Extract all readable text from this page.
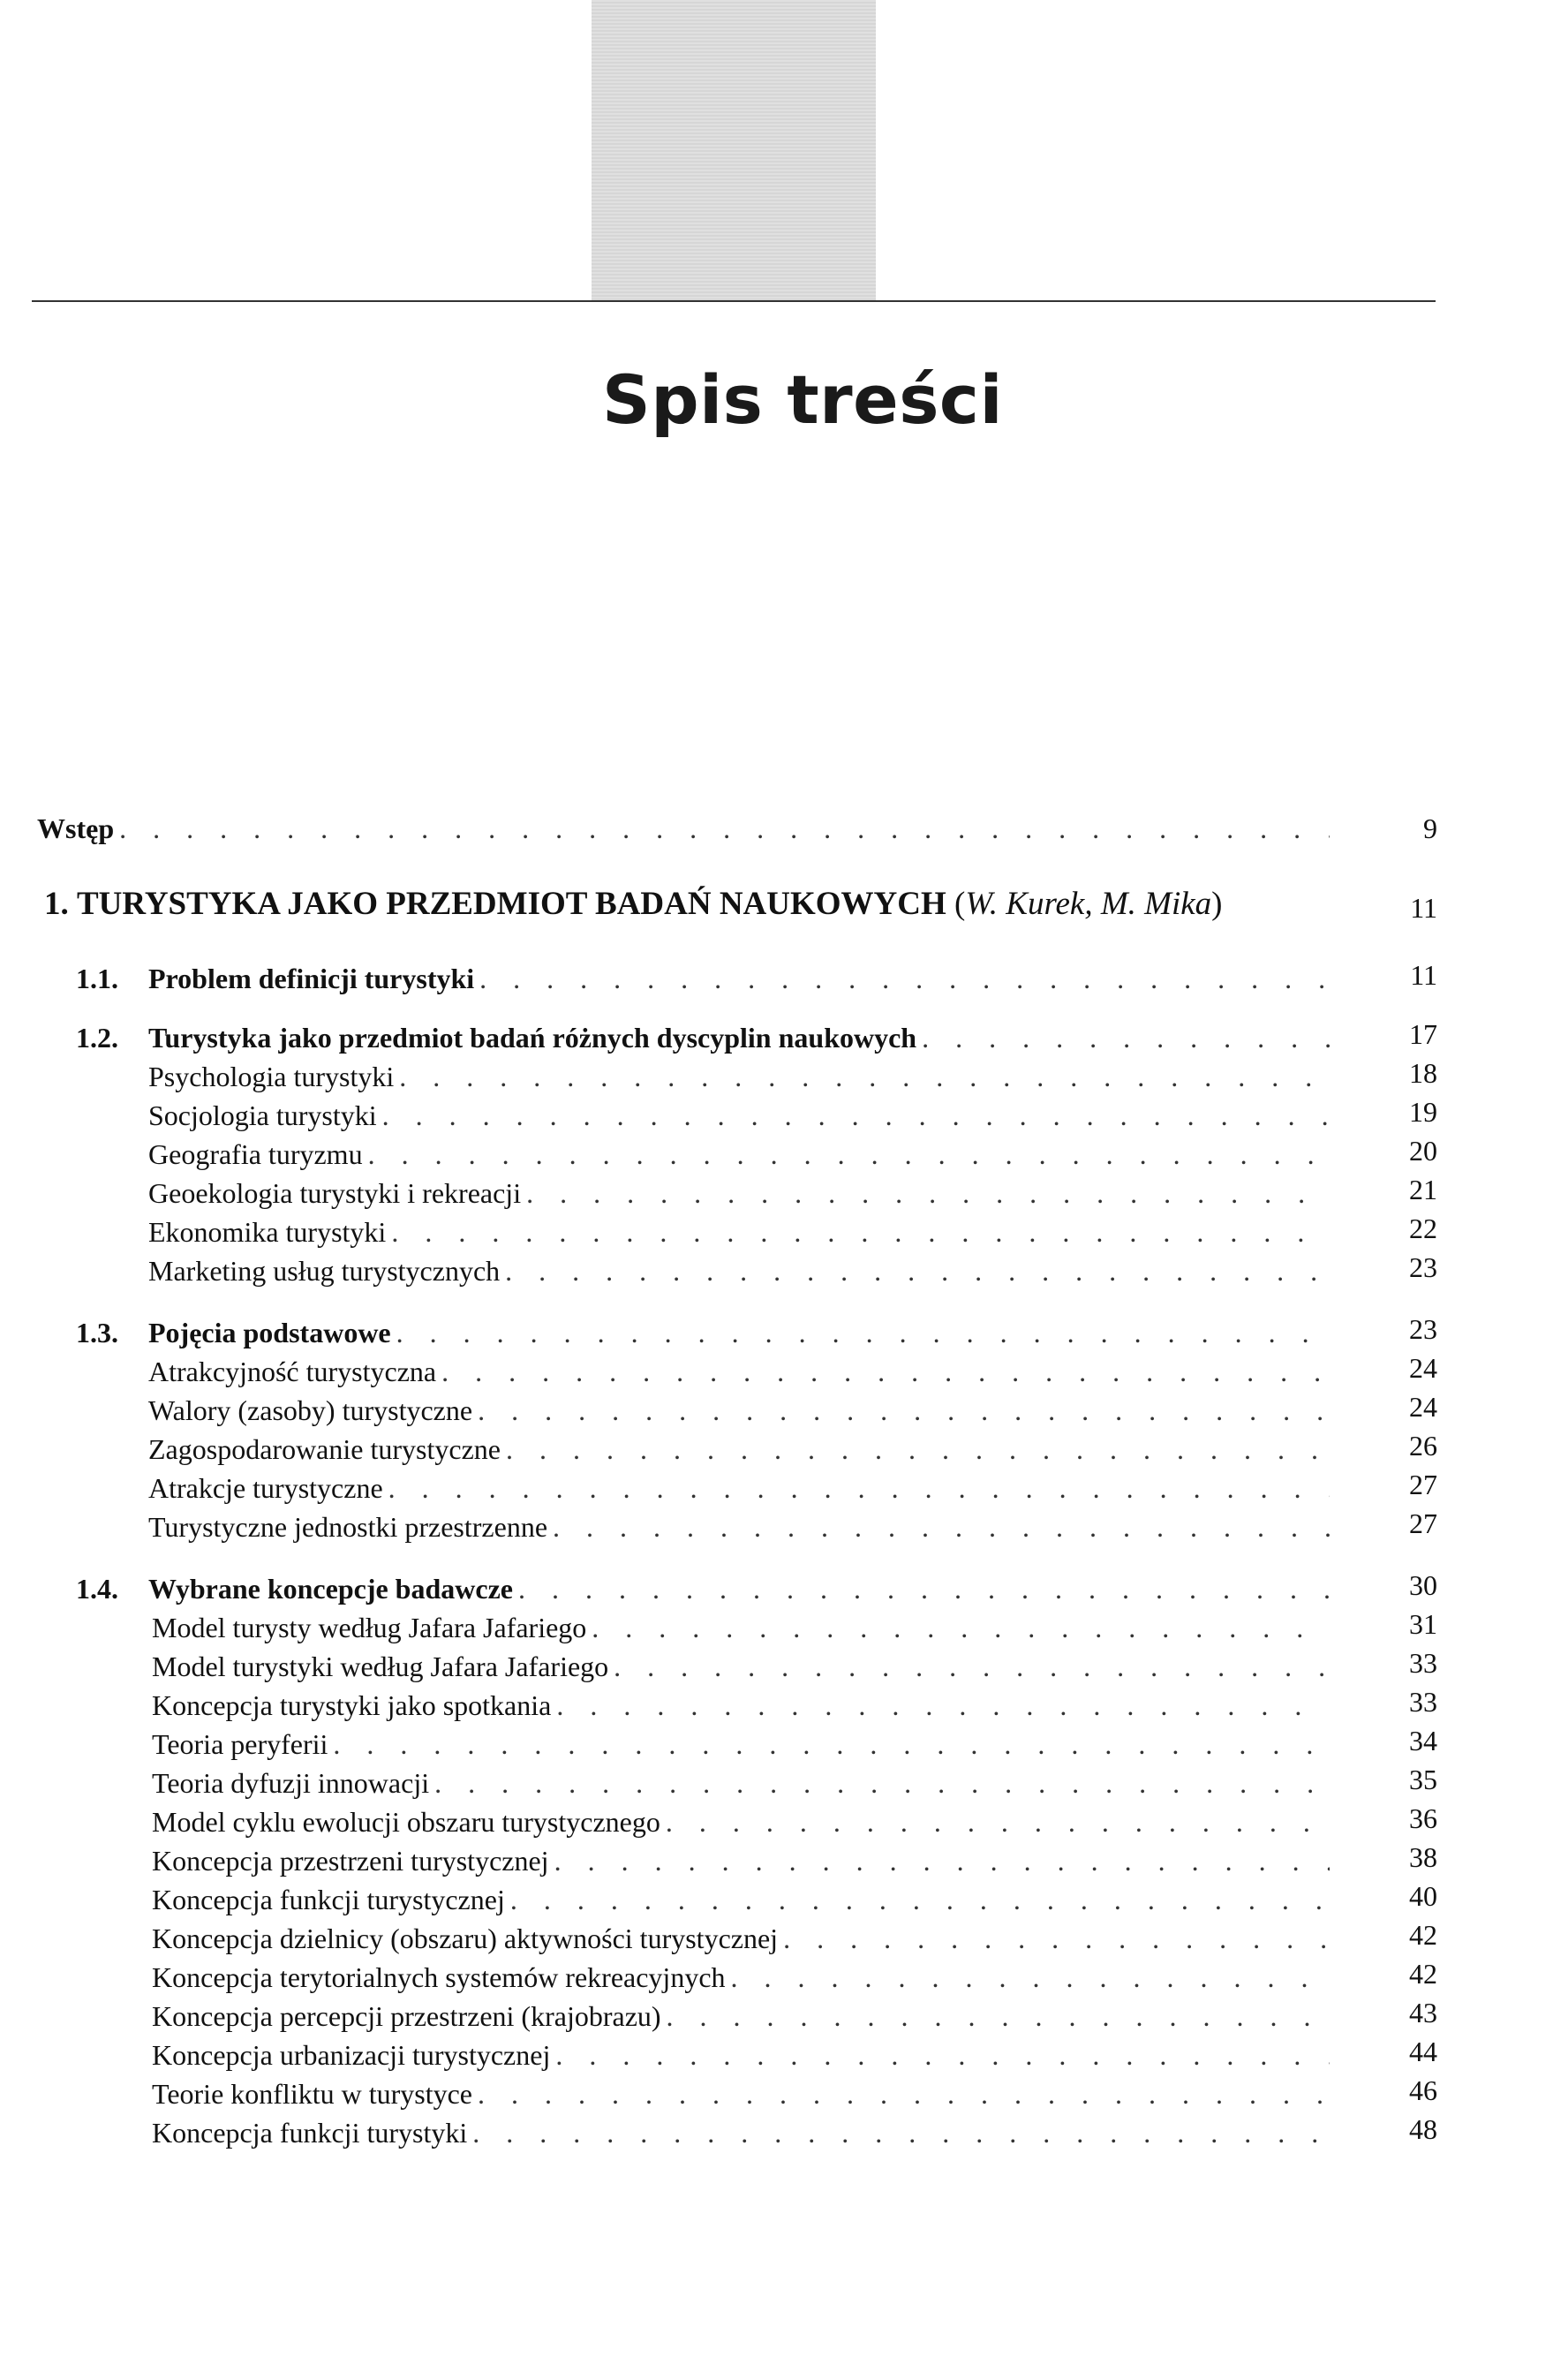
Spis treści
Wstęp . . .	9
1. TURYSTYKA JAKO PRZEDMIOT BADAŃ NAUKOWYCH (W. Kurek, M. Mika)	11
1.1.	Problem definicji turystyki . . .	11
1.2.	Turystyka jako przedmiot badań różnych dyscyplin naukowych . . .	17
Psychologia turystyki . . .	18
Socjologia turystyki . . .	19
Geografia turyzmu . . .	20
Geoekologia turystyki i rekreacji . . .	21
Ekonomika turystyki . . .	22
Marketing usług turystycznych . . .	23
1.3.	Pojęcia podstawowe . . .	23
Atrakcyjność turystyczna . . .	24
Walory (zasoby) turystyczne . . .	24
Zagospodarowanie turystyczne . . .	26
Atrakcje turystyczne . . .	27
Turystyczne jednostki przestrzenne . . .	27
1.4.	Wybrane koncepcje badawcze . . .	30
Model turysty według Jafara Jafariego . . .	31
Model turystyki według Jafara Jafariego . . .	33
Koncepcja turystyki jako spotkania . . .	33
Teoria peryferii . . .	34
Teoria dyfuzji innowacji . . .	35
Model cyklu ewolucji obszaru turystycznego . . .	36
Koncepcja przestrzeni turystycznej . . .	38
Koncepcja funkcji turystycznej . . .	40
Koncepcja dzielnicy (obszaru) aktywności turystycznej . . .	42
Koncepcja terytorialnych systemów rekreacyjnych . . .	42
Koncepcja percepcji przestrzeni (krajobrazu) . . .	43
Koncepcja urbanizacji turystycznej . . .	44
Teorie konfliktu w turystyce . . .	46
Koncepcja funkcji turystyki . . .	48
